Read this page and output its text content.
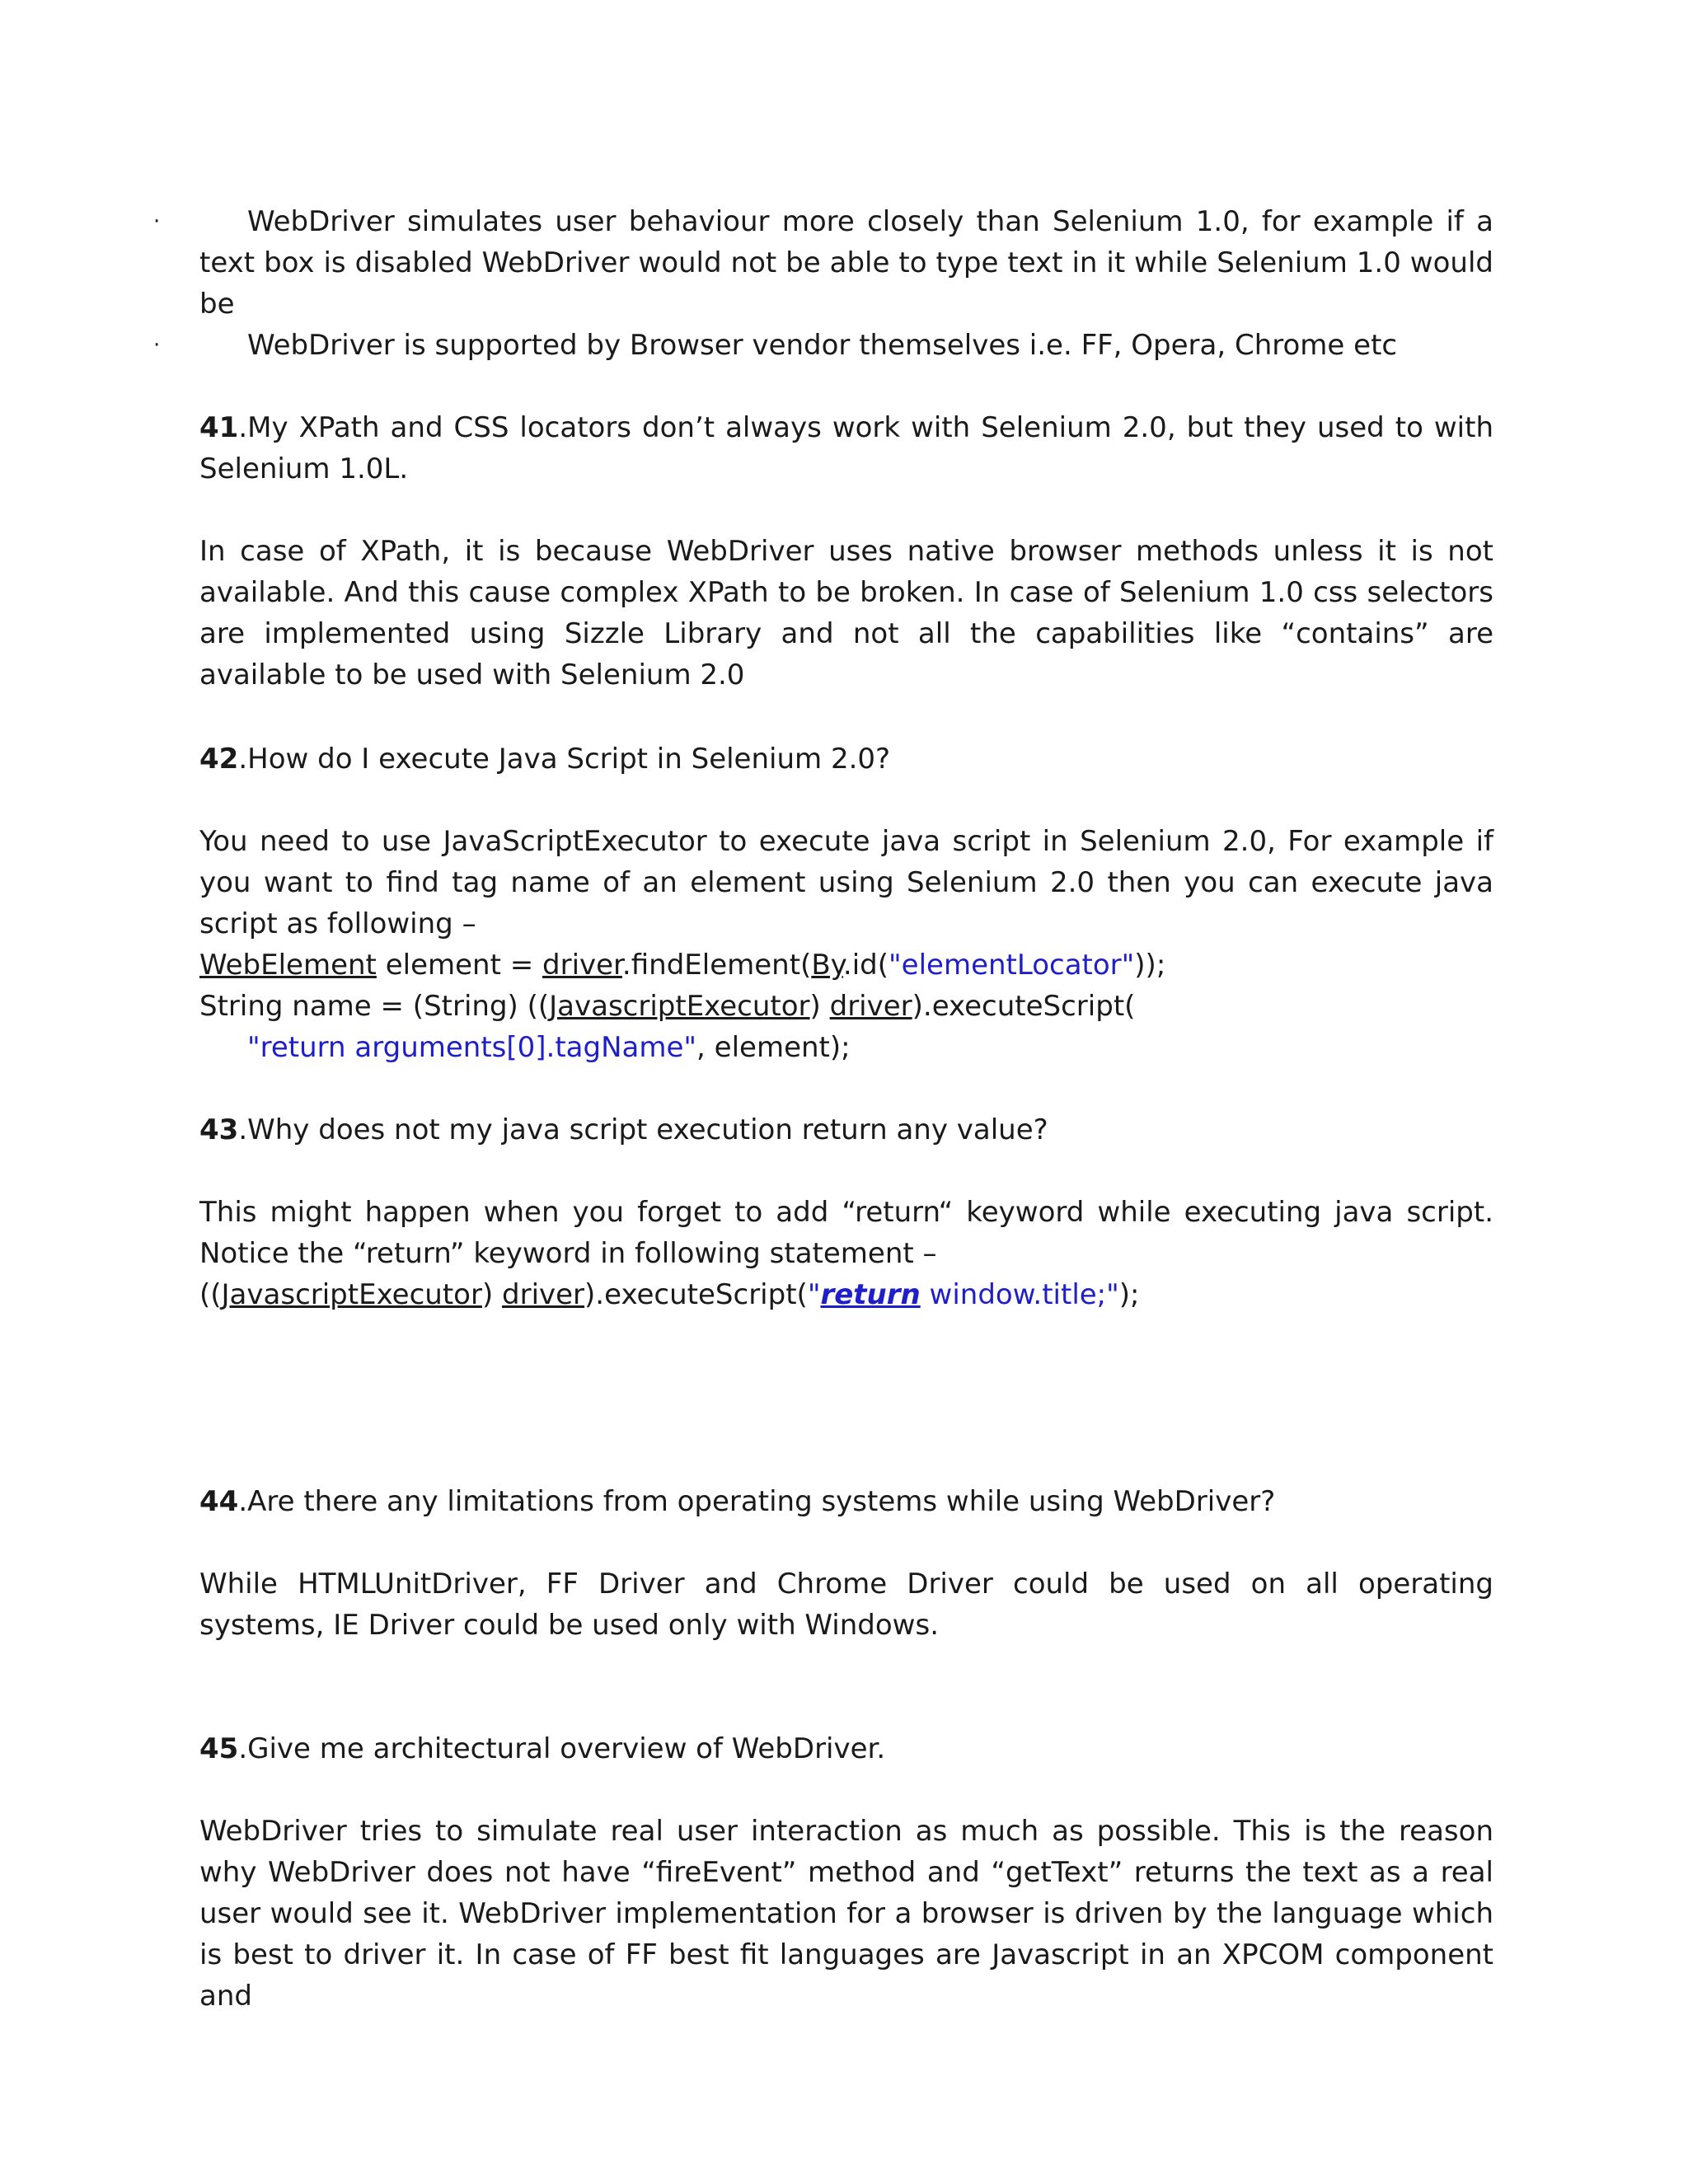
·	WebDriver simulates user behaviour more closely than Selenium 1.0, for example if a text box is disabled WebDriver would not be able to type text in it while Selenium 1.0 would be
·	WebDriver is supported by Browser vendor themselves i.e. FF, Opera, Chrome etc
41.My XPath and CSS locators don’t always work with Selenium 2.0, but they used to with Selenium 1.0L.
In case of XPath, it is because WebDriver uses native browser methods unless it is not available. And this cause complex XPath to be broken. In case of Selenium 1.0 css selectors are implemented using Sizzle Library and not all the capabilities like “contains” are available to be used with Selenium 2.0
42.How do I execute Java Script in Selenium 2.0?
You need to use JavaScriptExecutor to execute java script in Selenium 2.0, For example if you want to find tag name of an element using Selenium 2.0 then you can execute java script as following –
WebElement element = driver.findElement(By.id("elementLocator"));
String name = (String) ((JavascriptExecutor) driver).executeScript(
"return arguments[0].tagName", element);
43.Why does not my java script execution return any value?
This might happen when you forget to add “return“ keyword while executing java script. Notice the “return” keyword in following statement –
((JavascriptExecutor) driver).executeScript("return window.title;");
44.Are there any limitations from operating systems while using WebDriver?
While HTMLUnitDriver, FF Driver and Chrome Driver could be used on all operating systems, IE Driver could be used only with Windows.
45.Give me architectural overview of WebDriver.
WebDriver tries to simulate real user interaction as much as possible. This is the reason why WebDriver does not have “fireEvent” method and “getText” returns the text as a real user would see it. WebDriver implementation for a browser is driven by the language which is best to driver it. In case of FF best fit languages are Javascript in an XPCOM component and
